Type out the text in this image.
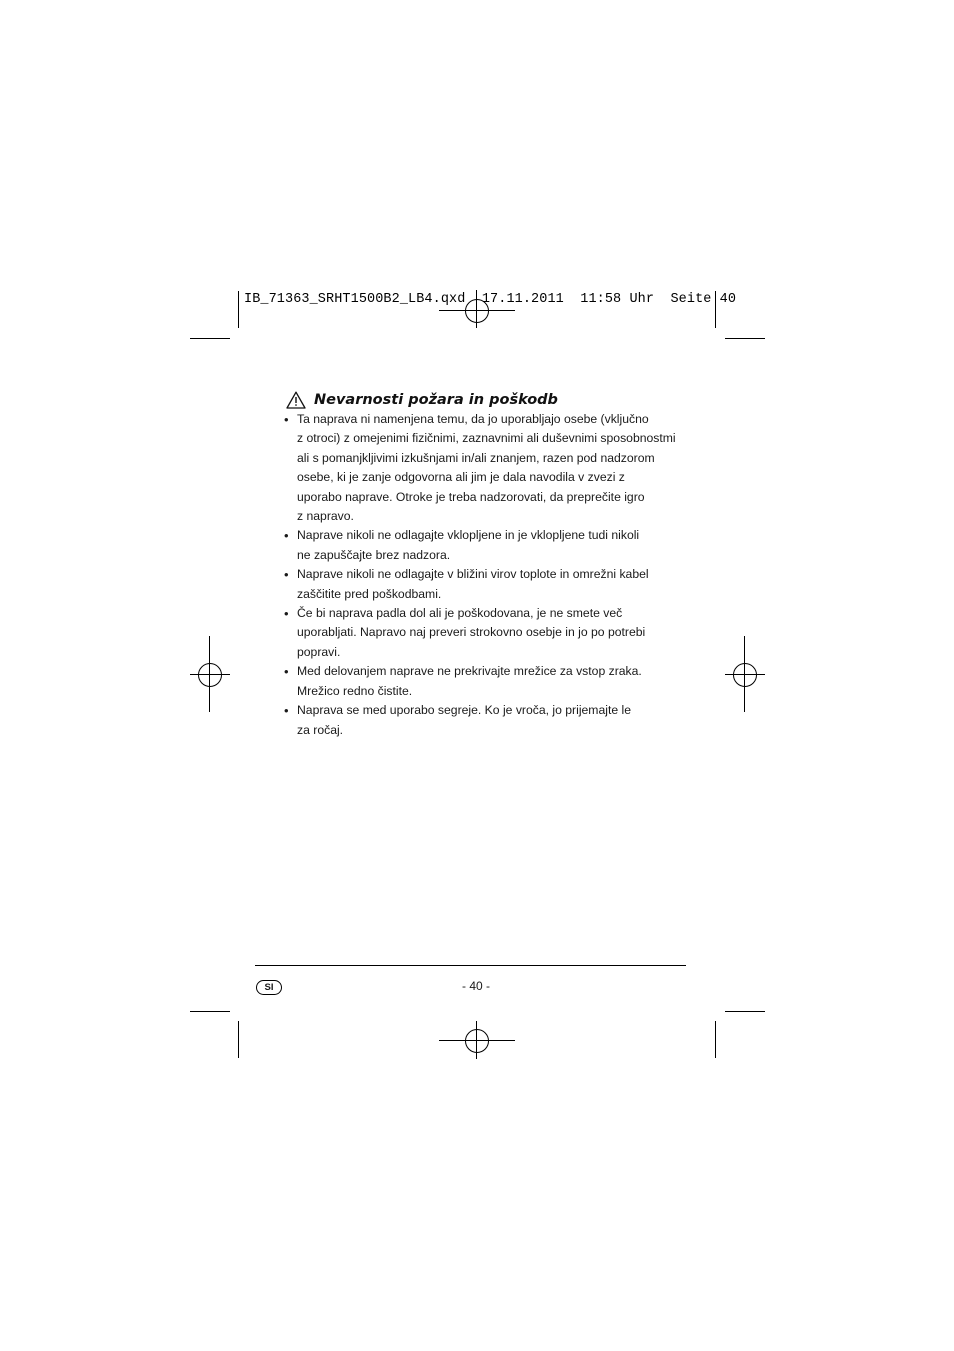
IB_71363_SRHT1500B2_LB4.qxd  17.11.2011  11:58 Uhr  Seite 40
Nevarnosti požara in poškodb
• Ta naprava ni namenjena temu, da jo uporabljajo osebe (vključno
z otroci) z omejenimi fizičnimi, zaznavnimi ali duševnimi sposobnostmi
ali s pomanjkljivimi izkušnjami in/ali znanjem, razen pod nadzorom
osebe, ki je zanje odgovorna ali jim je dala navodila v zvezi z
uporabo naprave. Otroke je treba nadzorovati, da preprečite igro
z napravo.
• Naprave nikoli ne odlagajte vklopljene in je vklopljene tudi nikoli
ne zapuščajte brez nadzora.
• Naprave nikoli ne odlagajte v bližini virov toplote in omrežni kabel
zaščitite pred poškodbami.
• Če bi naprava padla dol ali je poškodovana, je ne smete več
uporabljati. Napravo naj preveri strokovno osebje in jo po potrebi
popravi.
• Med delovanjem naprave ne prekrivajte mrežice za vstop zraka.
Mrežico redno čistite.
• Naprava se med uporabo segreje. Ko je vroča, jo prijemajte le
za ročaj.
SI	- 40 -
